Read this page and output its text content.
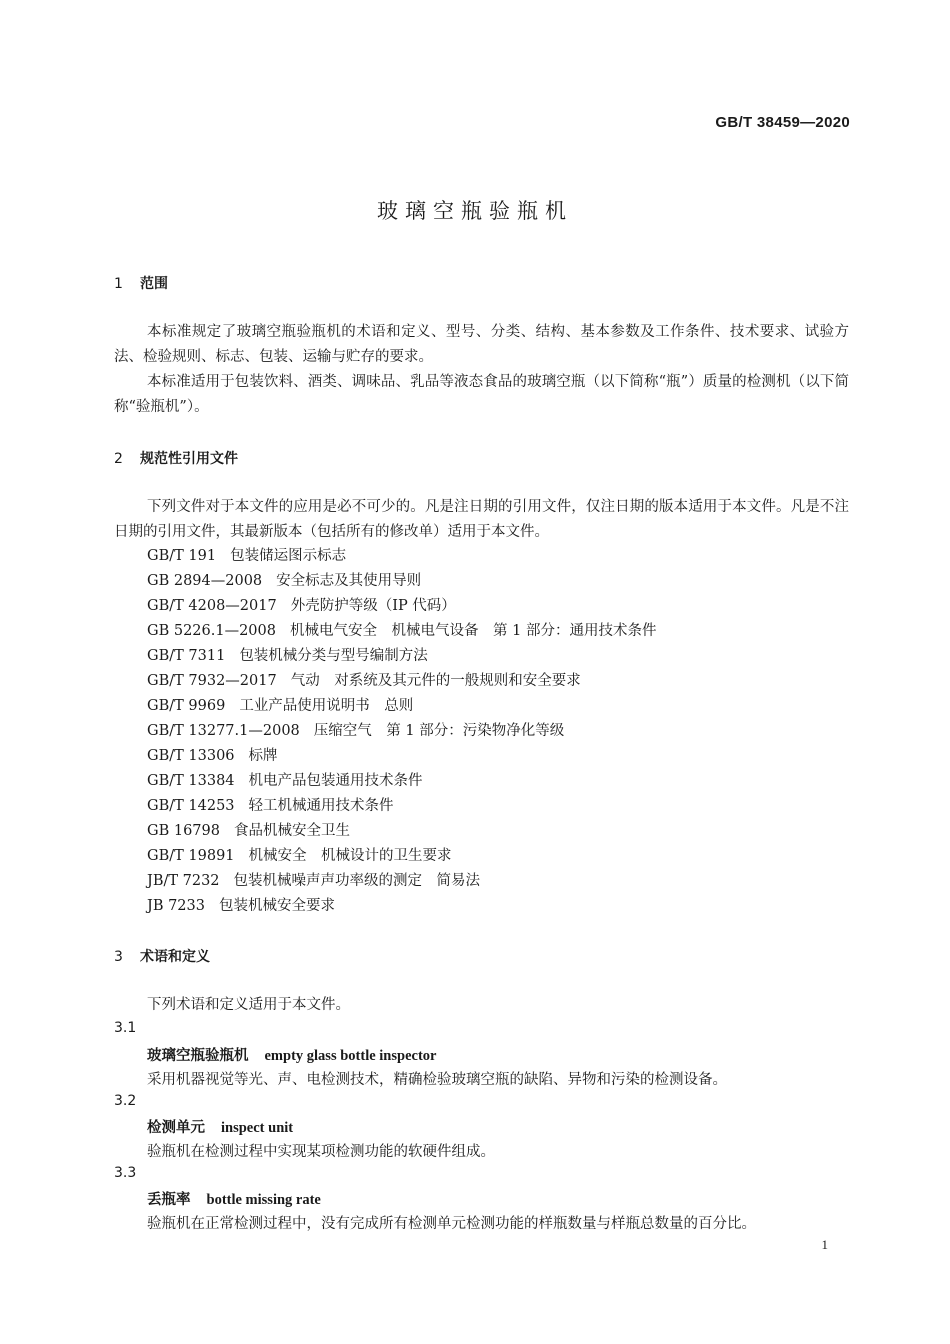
GB/T 38459—2020
玻璃空瓶验瓶机
1 范围

本标准规定了玻璃空瓶验瓶机的术语和定义、型号、分类、结构、基本参数及工作条件、技术要求、试验方法、检验规则、标志、包装、运输与贮存的要求。

本标准适用于包装饮料、酒类、调味品、乳品等液态食品的玻璃空瓶（以下简称“瓶”）质量的检测机（以下简称“验瓶机”）。

2 规范性引用文件

下列文件对于本文件的应用是必不可少的。凡是注日期的引用文件，仅注日期的版本适用于本文件。凡是不注日期的引用文件，其最新版本（包括所有的修改单）适用于本文件。

GB/T 191 包装储运图示标志
GB 2894—2008 安全标志及其使用导则
GB/T 4208—2017 外壳防护等级（IP 代码）
GB 5226.1—2008 机械电气安全　机械电气设备　第 1 部分：通用技术条件
GB/T 7311 包装机械分类与型号编制方法
GB/T 7932—2017 气动　对系统及其元件的一般规则和安全要求
GB/T 9969 工业产品使用说明书　总则
GB/T 13277.1—2008 压缩空气　第 1 部分：污染物净化等级
GB/T 13306 标牌
GB/T 13384 机电产品包装通用技术条件
GB/T 14253 轻工机械通用技术条件
GB 16798 食品机械安全卫生
GB/T 19891 机械安全　机械设计的卫生要求
JB/T 7232 包装机械噪声声功率级的测定　简易法
JB 7233 包装机械安全要求
3 术语和定义
下列术语和定义适用于本文件。
3.1
玻璃空瓶验瓶机 empty glass bottle inspector
采用机器视觉等光、声、电检测技术，精确检验玻璃空瓶的缺陷、异物和污染的检测设备。
3.2
检测单元 inspect unit
验瓶机在检测过程中实现某项检测功能的软硬件组成。
3.3
丢瓶率 bottle missing rate
验瓶机在正常检测过程中，没有完成所有检测单元检测功能的样瓶数量与样瓶总数量的百分比。
1
